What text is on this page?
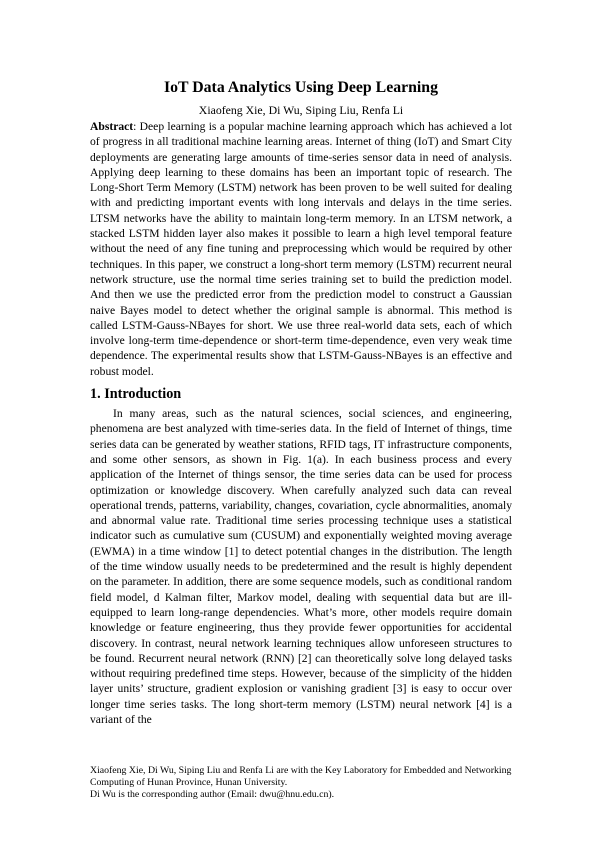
IoT Data Analytics Using Deep Learning
Xiaofeng Xie, Di Wu, Siping Liu, Renfa Li

Abstract: Deep learning is a popular machine learning approach which has achieved a lot of progress in all traditional machine learning areas. Internet of thing (IoT) and Smart City deployments are generating large amounts of time-series sensor data in need of analysis. Applying deep learning to these domains has been an important topic of research. The Long-Short Term Memory (LSTM) network has been proven to be well suited for dealing with and predicting important events with long intervals and delays in the time series. LTSM networks have the ability to maintain long-term memory. In an LTSM network, a stacked LSTM hidden layer also makes it possible to learn a high level temporal feature without the need of any fine tuning and preprocessing which would be required by other techniques. In this paper, we construct a long-short term memory (LSTM) recurrent neural network structure, use the normal time series training set to build the prediction model. And then we use the predicted error from the prediction model to construct a Gaussian naive Bayes model to detect whether the original sample is abnormal. This method is called LSTM-Gauss-NBayes for short. We use three real-world data sets, each of which involve long-term time-dependence or short-term time-dependence, even very weak time dependence. The experimental results show that LSTM-Gauss-NBayes is an effective and robust model.

1. Introduction

In many areas, such as the natural sciences, social sciences, and engineering, phenomena are best analyzed with time-series data. In the field of Internet of things, time series data can be generated by weather stations, RFID tags, IT infrastructure components, and some other sensors, as shown in Fig. 1(a). In each business process and every application of the Internet of things sensor, the time series data can be used for process optimization or knowledge discovery. When carefully analyzed such data can reveal operational trends, patterns, variability, changes, covariation, cycle abnormalities, anomaly and abnormal value rate. Traditional time series processing technique uses a statistical indicator such as cumulative sum (CUSUM) and exponentially weighted moving average (EWMA) in a time window [1] to detect potential changes in the distribution. The length of the time window usually needs to be predetermined and the result is highly dependent on the parameter. In addition, there are some sequence models, such as conditional random field model, d Kalman filter, Markov model, dealing with sequential data but are ill-equipped to learn long-range dependencies. What’s more, other models require domain knowledge or feature engineering, thus they provide fewer opportunities for accidental discovery. In contrast, neural network learning techniques allow unforeseen structures to be found. Recurrent neural network (RNN) [2] can theoretically solve long delayed tasks without requiring predefined time steps. However, because of the simplicity of the hidden layer units’ structure, gradient explosion or vanishing gradient [3] is easy to occur over longer time series tasks. The long short-term memory (LSTM) neural network [4] is a variant of the

Xiaofeng Xie, Di Wu, Siping Liu and Renfa Li are with the Key Laboratory for Embedded and Networking Computing of Hunan Province, Hunan University.

Di Wu is the corresponding author (Email: dwu@hnu.edu.cn).
